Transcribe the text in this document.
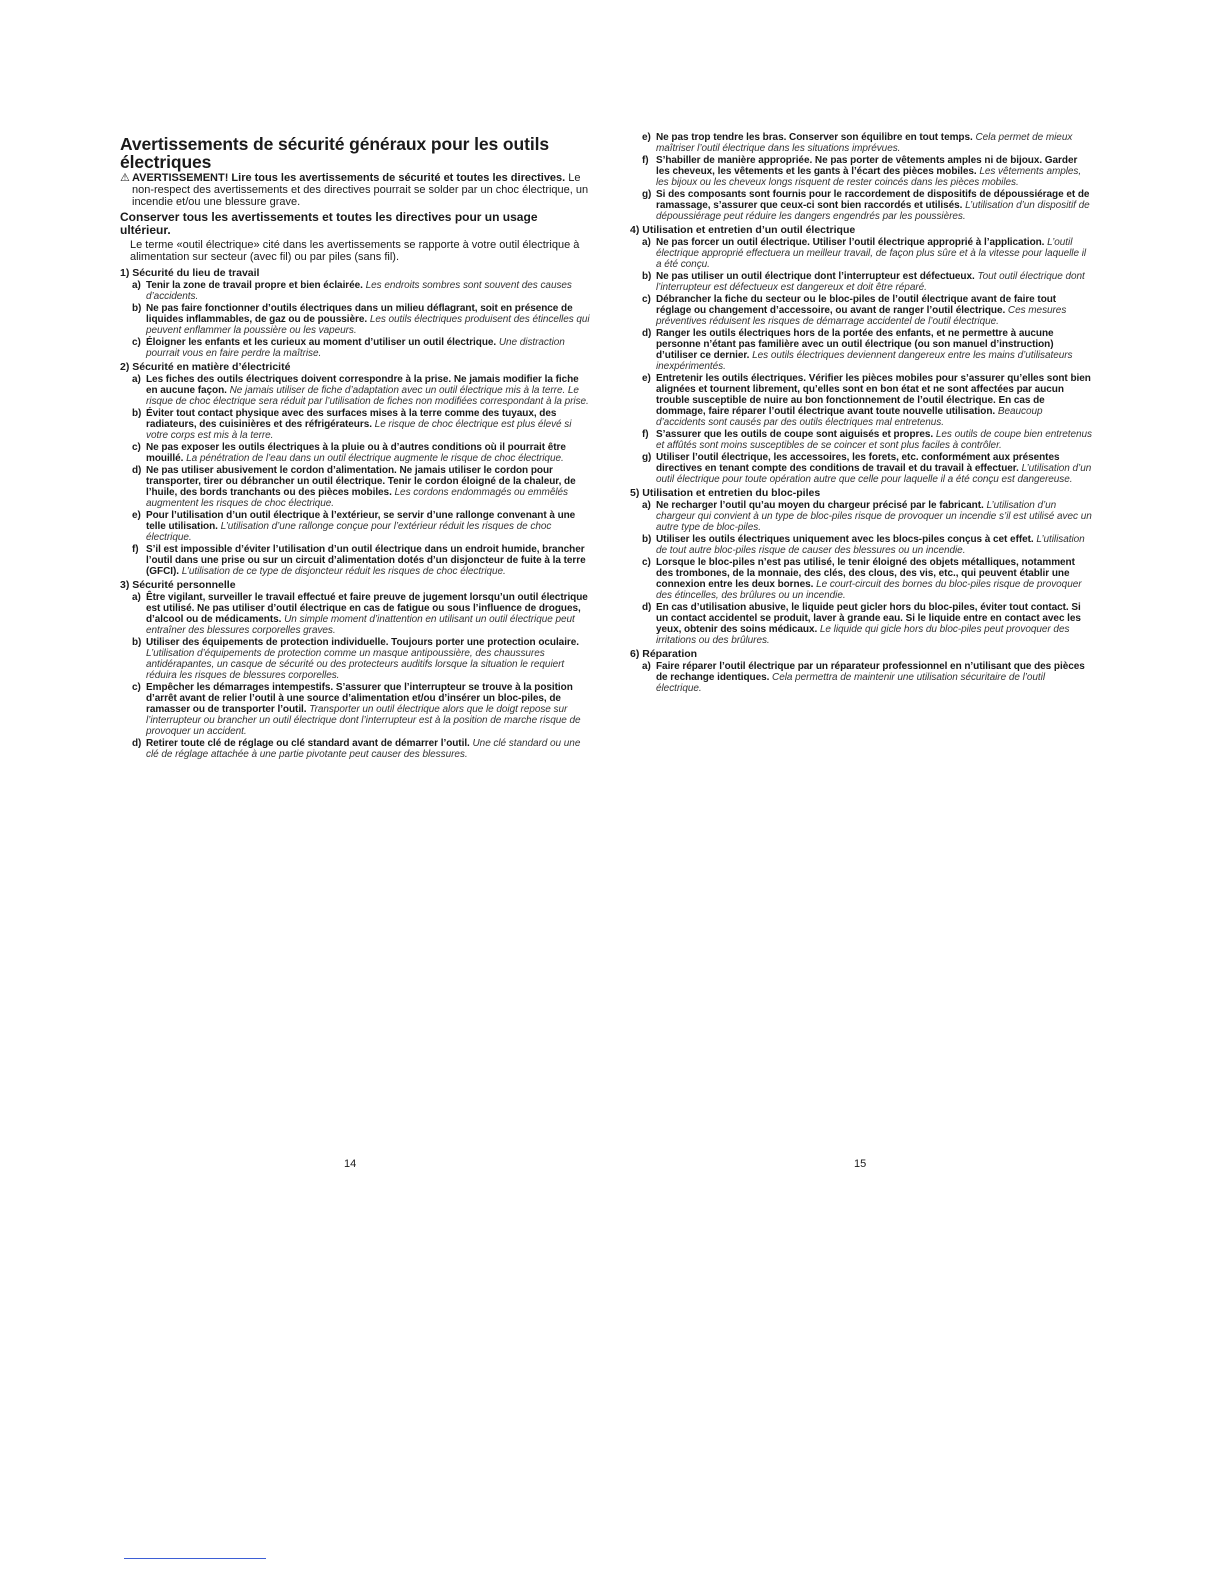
Avertissements de sécurité généraux pour les outils électriques
⚠ AVERTISSEMENT! Lire tous les avertissements de sécurité et toutes les directives. Le non-respect des avertissements et des directives pourrait se solder par un choc électrique, un incendie et/ou une blessure grave.
Conserver tous les avertissements et toutes les directives pour un usage ultérieur.
Le terme «outil électrique» cité dans les avertissements se rapporte à votre outil électrique à alimentation sur secteur (avec fil) ou par piles (sans fil).
1) Sécurité du lieu de travail
a) Tenir la zone de travail propre et bien éclairée. Les endroits sombres sont souvent des causes d’accidents.
b) Ne pas faire fonctionner d’outils électriques dans un milieu déflagrant, soit en présence de liquides inflammables, de gaz ou de poussière. Les outils électriques produisent des étincelles qui peuvent enflammer la poussière ou les vapeurs.
c) Éloigner les enfants et les curieux au moment d’utiliser un outil électrique. Une distraction pourrait vous en faire perdre la maîtrise.
2) Sécurité en matière d’électricité
a) Les fiches des outils électriques doivent correspondre à la prise. Ne jamais modifier la fiche en aucune façon. Ne jamais utiliser de fiche d’adaptation avec un outil électrique mis à la terre. Le risque de choc électrique sera réduit par l’utilisation de fiches non modifiées correspondant à la prise.
b) Éviter tout contact physique avec des surfaces mises à la terre comme des tuyaux, des radiateurs, des cuisinières et des réfrigérateurs. Le risque de choc électrique est plus élevé si votre corps est mis à la terre.
c) Ne pas exposer les outils électriques à la pluie ou à d’autres conditions où il pourrait être mouillé. La pénétration de l’eau dans un outil électrique augmente le risque de choc électrique.
d) Ne pas utiliser abusivement le cordon d’alimentation. Ne jamais utiliser le cordon pour transporter, tirer ou débrancher un outil électrique. Tenir le cordon éloigné de la chaleur, de l’huile, des bords tranchants ou des pièces mobiles. Les cordons endommagés ou emmêlés augmentent les risques de choc électrique.
e) Pour l’utilisation d’un outil électrique à l’extérieur, se servir d’une rallonge convenant à une telle utilisation. L’utilisation d’une rallonge conçue pour l’extérieur réduit les risques de choc électrique.
f) S’il est impossible d’éviter l’utilisation d’un outil électrique dans un endroit humide, brancher l’outil dans une prise ou sur un circuit d’alimentation dotés d’un disjoncteur de fuite à la terre (GFCI). L’utilisation de ce type de disjoncteur réduit les risques de choc électrique.
3) Sécurité personnelle
a) Être vigilant, surveiller le travail effectué et faire preuve de jugement lorsqu’un outil électrique est utilisé. Ne pas utiliser d’outil électrique en cas de fatigue ou sous l’influence de drogues, d’alcool ou de médicaments. Un simple moment d’inattention en utilisant un outil électrique peut entraîner des blessures corporelles graves.
b) Utiliser des équipements de protection individuelle. Toujours porter une protection oculaire. L’utilisation d’équipements de protection comme un masque antipoussière, des chaussures antidérapantes, un casque de sécurité ou des protecteurs auditifs lorsque la situation le requiert réduira les risques de blessures corporelles.
c) Empêcher les démarrages intempestifs. S’assurer que l’interrupteur se trouve à la position d’arrêt avant de relier l’outil à une source d’alimentation et/ou d’insérer un bloc-piles, de ramasser ou de transporter l’outil. Transporter un outil électrique alors que le doigt repose sur l’interrupteur ou brancher un outil électrique dont l’interrupteur est à la position de marche risque de provoquer un accident.
d) Retirer toute clé de réglage ou clé standard avant de démarrer l’outil. Une clé standard ou une clé de réglage attachée à une partie pivotante peut causer des blessures.
14
e) Ne pas trop tendre les bras. Conserver son équilibre en tout temps. Cela permet de mieux maîtriser l’outil électrique dans les situations imprévues.
f) S’habiller de manière appropriée. Ne pas porter de vêtements amples ni de bijoux. Garder les cheveux, les vêtements et les gants à l’écart des pièces mobiles. Les vêtements amples, les bijoux ou les cheveux longs risquent de rester coincés dans les pièces mobiles.
g) Si des composants sont fournis pour le raccordement de dispositifs de dépoussiérage et de ramassage, s’assurer que ceux-ci sont bien raccordés et utilisés. L’utilisation d’un dispositif de dépoussiérage peut réduire les dangers engendrés par les poussières.
4) Utilisation et entretien d’un outil électrique
a) Ne pas forcer un outil électrique. Utiliser l’outil électrique approprié à l’application. L’outil électrique approprié effectuera un meilleur travail, de façon plus sûre et à la vitesse pour laquelle il a été conçu.
b) Ne pas utiliser un outil électrique dont l’interrupteur est défectueux. Tout outil électrique dont l’interrupteur est défectueux est dangereux et doit être réparé.
c) Débrancher la fiche du secteur ou le bloc-piles de l’outil électrique avant de faire tout réglage ou changement d’accessoire, ou avant de ranger l’outil électrique. Ces mesures préventives réduisent les risques de démarrage accidentel de l’outil électrique.
d) Ranger les outils électriques hors de la portée des enfants, et ne permettre à aucune personne n’étant pas familière avec un outil électrique (ou son manuel d’instruction) d’utiliser ce dernier. Les outils électriques deviennent dangereux entre les mains d’utilisateurs inexpérimentés.
e) Entretenir les outils électriques. Vérifier les pièces mobiles pour s’assurer qu’elles sont bien alignées et tournent librement, qu’elles sont en bon état et ne sont affectées par aucun trouble susceptible de nuire au bon fonctionnement de l’outil électrique. En cas de dommage, faire réparer l’outil électrique avant toute nouvelle utilisation. Beaucoup d’accidents sont causés par des outils électriques mal entretenus.
f) S’assurer que les outils de coupe sont aiguisés et propres. Les outils de coupe bien entretenus et affûtés sont moins susceptibles de se coincer et sont plus faciles à contrôler.
g) Utiliser l’outil électrique, les accessoires, les forets, etc. conformément aux présentes directives en tenant compte des conditions de travail et du travail à effectuer. L’utilisation d’un outil électrique pour toute opération autre que celle pour laquelle il a été conçu est dangereuse.
5) Utilisation et entretien du bloc-piles
a) Ne recharger l’outil qu’au moyen du chargeur précisé par le fabricant. L’utilisation d’un chargeur qui convient à un type de bloc-piles risque de provoquer un incendie s’il est utilisé avec un autre type de bloc-piles.
b) Utiliser les outils électriques uniquement avec les blocs-piles conçus à cet effet. L’utilisation de tout autre bloc-piles risque de causer des blessures ou un incendie.
c) Lorsque le bloc-piles n’est pas utilisé, le tenir éloigné des objets métalliques, notamment des trombones, de la monnaie, des clés, des clous, des vis, etc., qui peuvent établir une connexion entre les deux bornes. Le court-circuit des bornes du bloc-piles risque de provoquer des étincelles, des brûlures ou un incendie.
d) En cas d’utilisation abusive, le liquide peut gicler hors du bloc-piles, éviter tout contact. Si un contact accidentel se produit, laver à grande eau. Si le liquide entre en contact avec les yeux, obtenir des soins médicaux. Le liquide qui gicle hors du bloc-piles peut provoquer des irritations ou des brûlures.
6) Réparation
a) Faire réparer l’outil électrique par un réparateur professionnel en n’utilisant que des pièces de rechange identiques. Cela permettra de maintenir une utilisation sécuritaire de l’outil électrique.
15
